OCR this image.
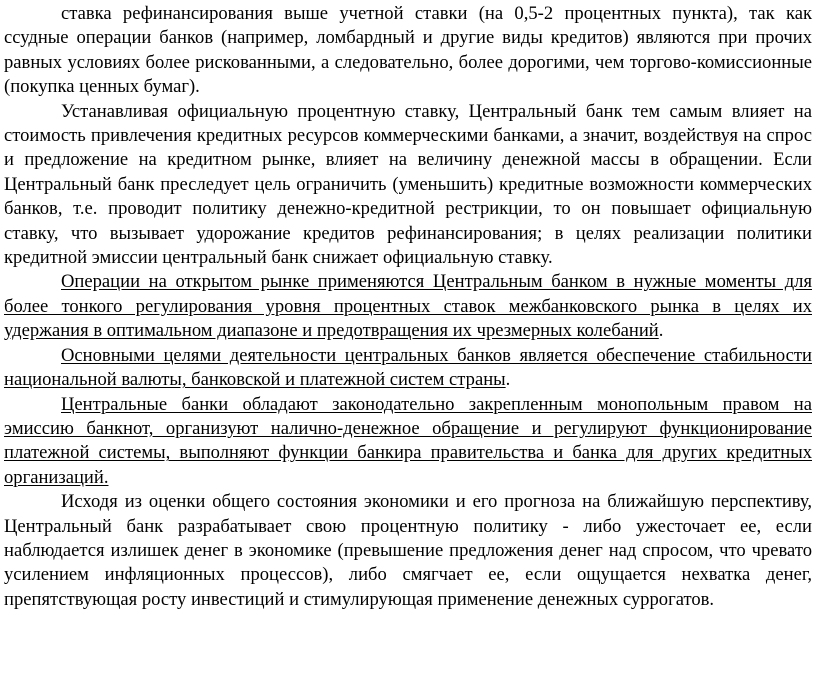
ставка рефинансирования выше учетной ставки (на 0,5-2 процентных пункта), так как ссудные операции банков (например, ломбардный и другие виды кредитов) являются при прочих равных условиях более рискованными, а следовательно, более дорогими, чем торгово-комиссионные (покупка ценных бумаг).

Устанавливая официальную процентную ставку, Центральный банк тем самым влияет на стоимость привлечения кредитных ресурсов коммерческими банками, а значит, воздействуя на спрос и предложение на кредитном рынке, влияет на величину денежной массы в обращении. Если Центральный банк преследует цель ограничить (уменьшить) кредитные возможности коммерческих банков, т.е. проводит политику денежно-кредитной рестрикции, то он повышает официальную ставку, что вызывает удорожание кредитов рефинансирования; в целях реализации политики кредитной эмиссии центральный банк снижает официальную ставку.

Операции на открытом рынке применяются Центральным банком в нужные моменты для более тонкого регулирования уровня процентных ставок межбанковского рынка в целях их удержания в оптимальном диапазоне и предотвращения их чрезмерных колебаний.

Основными целями деятельности центральных банков является обеспечение стабильности национальной валюты, банковской и платежной систем страны.

Центральные банки обладают законодательно закрепленным монопольным правом на эмиссию банкнот, организуют налично-денежное обращение и регулируют функционирование платежной системы, выполняют функции банкира правительства и банка для других кредитных организаций.

Исходя из оценки общего состояния экономики и его прогноза на ближайшую перспективу, Центральный банк разрабатывает свою процентную политику - либо ужесточает ее, если наблюдается излишек денег в экономике (превышение предложения денег над спросом, что чревато усилением инфляционных процессов), либо смягчает ее, если ощущается нехватка денег, препятствующая росту инвестиций и стимулирующая применение денежных суррогатов.
